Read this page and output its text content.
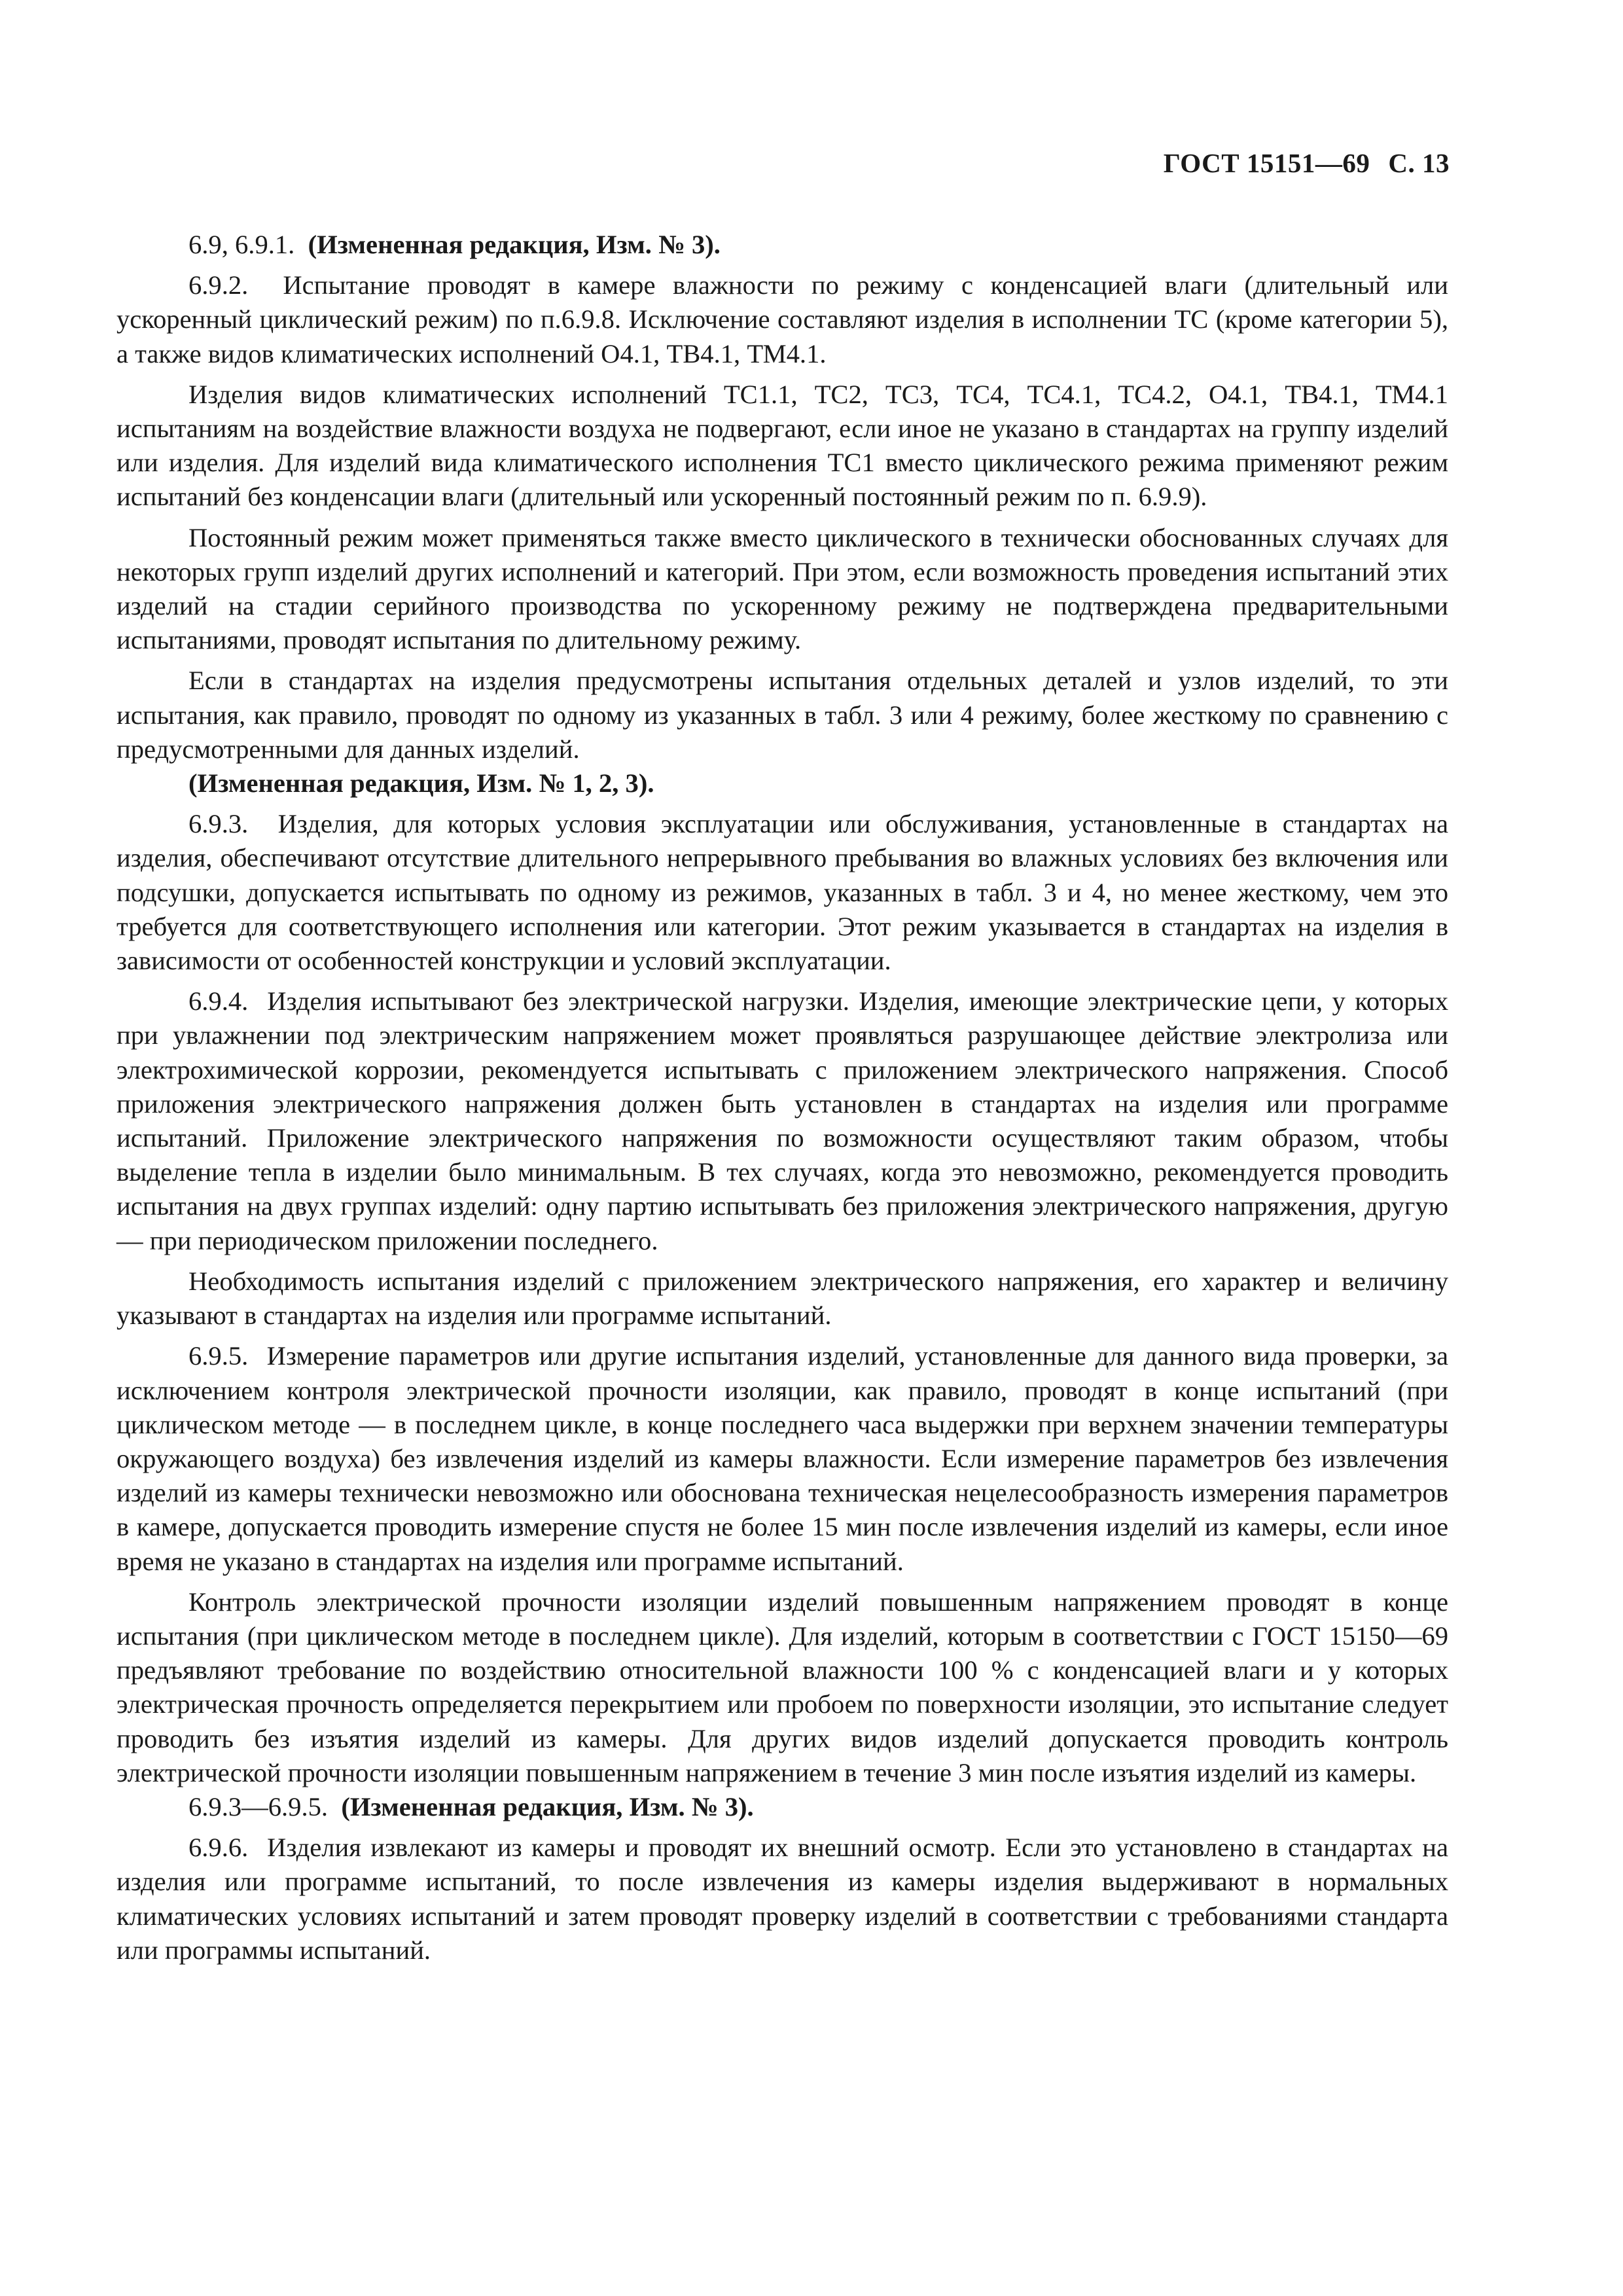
ГОСТ 15151—69 С. 13

6.9, 6.9.1. (Измененная редакция, Изм. № 3).

6.9.2. Испытание проводят в камере влажности по режиму с конденсацией влаги (длительный или ускоренный циклический режим) по п.6.9.8. Исключение составляют изделия в исполнении ТС (кроме категории 5), а также видов климатических исполнений О4.1, ТВ4.1, ТМ4.1.

Изделия видов климатических исполнений ТС1.1, ТС2, ТС3, ТС4, ТС4.1, ТС4.2, О4.1, ТВ4.1, ТМ4.1 испытаниям на воздействие влажности воздуха не подвергают, если иное не указано в стандартах на группу изделий или изделия. Для изделий вида климатического исполнения ТС1 вместо циклического режима применяют режим испытаний без конденсации влаги (длительный или ускоренный постоянный режим по п. 6.9.9).

Постоянный режим может применяться также вместо циклического в технически обоснованных случаях для некоторых групп изделий других исполнений и категорий. При этом, если возможность проведения испытаний этих изделий на стадии серийного производства по ускоренному режиму не подтверждена предварительными испытаниями, проводят испытания по длительному режиму.

Если в стандартах на изделия предусмотрены испытания отдельных деталей и узлов изделий, то эти испытания, как правило, проводят по одному из указанных в табл. 3 или 4 режиму, более жесткому по сравнению с предусмотренными для данных изделий.

(Измененная редакция, Изм. № 1, 2, 3).

6.9.3. Изделия, для которых условия эксплуатации или обслуживания, установленные в стандартах на изделия, обеспечивают отсутствие длительного непрерывного пребывания во влажных условиях без включения или подсушки, допускается испытывать по одному из режимов, указанных в табл. 3 и 4, но менее жесткому, чем это требуется для соответствующего исполнения или категории. Этот режим указывается в стандартах на изделия в зависимости от особенностей конструкции и условий эксплуатации.

6.9.4. Изделия испытывают без электрической нагрузки. Изделия, имеющие электрические цепи, у которых при увлажнении под электрическим напряжением может проявляться разрушающее действие электролиза или электрохимической коррозии, рекомендуется испытывать с приложением электрического напряжения. Способ приложения электрического напряжения должен быть установлен в стандартах на изделия или программе испытаний. Приложение электрического напряжения по возможности осуществляют таким образом, чтобы выделение тепла в изделии было минимальным. В тех случаях, когда это невозможно, рекомендуется проводить испытания на двух группах изделий: одну партию испытывать без приложения электрического напряжения, другую — при периодическом приложении последнего.

Необходимость испытания изделий с приложением электрического напряжения, его характер и величину указывают в стандартах на изделия или программе испытаний.

6.9.5. Измерение параметров или другие испытания изделий, установленные для данного вида проверки, за исключением контроля электрической прочности изоляции, как правило, проводят в конце испытаний (при циклическом методе — в последнем цикле, в конце последнего часа выдержки при верхнем значении температуры окружающего воздуха) без извлечения изделий из камеры влажности. Если измерение параметров без извлечения изделий из камеры технически невозможно или обоснована техническая нецелесообразность измерения параметров в камере, допускается проводить измерение спустя не более 15 мин после извлечения изделий из камеры, если иное время не указано в стандартах на изделия или программе испытаний.

Контроль электрической прочности изоляции изделий повышенным напряжением проводят в конце испытания (при циклическом методе в последнем цикле). Для изделий, которым в соответствии с ГОСТ 15150—69 предъявляют требование по воздействию относительной влажности 100 % с конденсацией влаги и у которых электрическая прочность определяется перекрытием или пробоем по поверхности изоляции, это испытание следует проводить без изъятия изделий из камеры. Для других видов изделий допускается проводить контроль электрической прочности изоляции повышенным напряжением в течение 3 мин после изъятия изделий из камеры.

6.9.3—6.9.5. (Измененная редакция, Изм. № 3).

6.9.6. Изделия извлекают из камеры и проводят их внешний осмотр. Если это установлено в стандартах на изделия или программе испытаний, то после извлечения из камеры изделия выдерживают в нормальных климатических условиях испытаний и затем проводят проверку изделий в соответствии с требованиями стандарта или программы испытаний.
